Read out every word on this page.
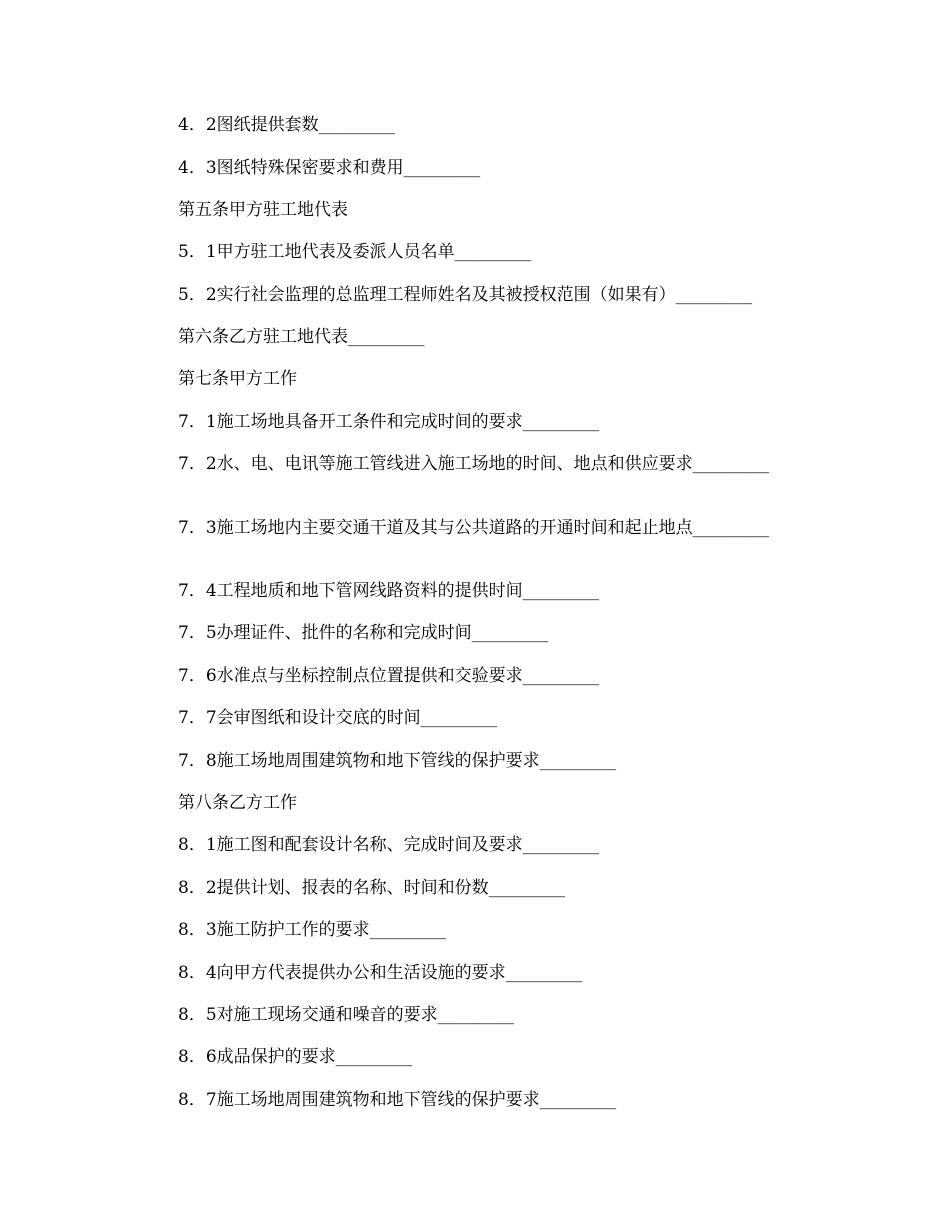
4．2图纸提供套数_________
4．3图纸特殊保密要求和费用_________
第五条甲方驻工地代表
5．1甲方驻工地代表及委派人员名单_________
5．2实行社会监理的总监理工程师姓名及其被授权范围（如果有）_________
第六条乙方驻工地代表_________
第七条甲方工作
7．1施工场地具备开工条件和完成时间的要求_________
7．2水、电、电讯等施工管线进入施工场地的时间、地点和供应要求_________
7．3施工场地内主要交通干道及其与公共道路的开通时间和起止地点_________
7．4工程地质和地下管网线路资料的提供时间_________
7．5办理证件、批件的名称和完成时间_________
7．6水准点与坐标控制点位置提供和交验要求_________
7．7会审图纸和设计交底的时间_________
7．8施工场地周围建筑物和地下管线的保护要求_________
第八条乙方工作
8．1施工图和配套设计名称、完成时间及要求_________
8．2提供计划、报表的名称、时间和份数_________
8．3施工防护工作的要求_________
8．4向甲方代表提供办公和生活设施的要求_________
8．5对施工现场交通和噪音的要求_________
8．6成品保护的要求_________
8．7施工场地周围建筑物和地下管线的保护要求_________
